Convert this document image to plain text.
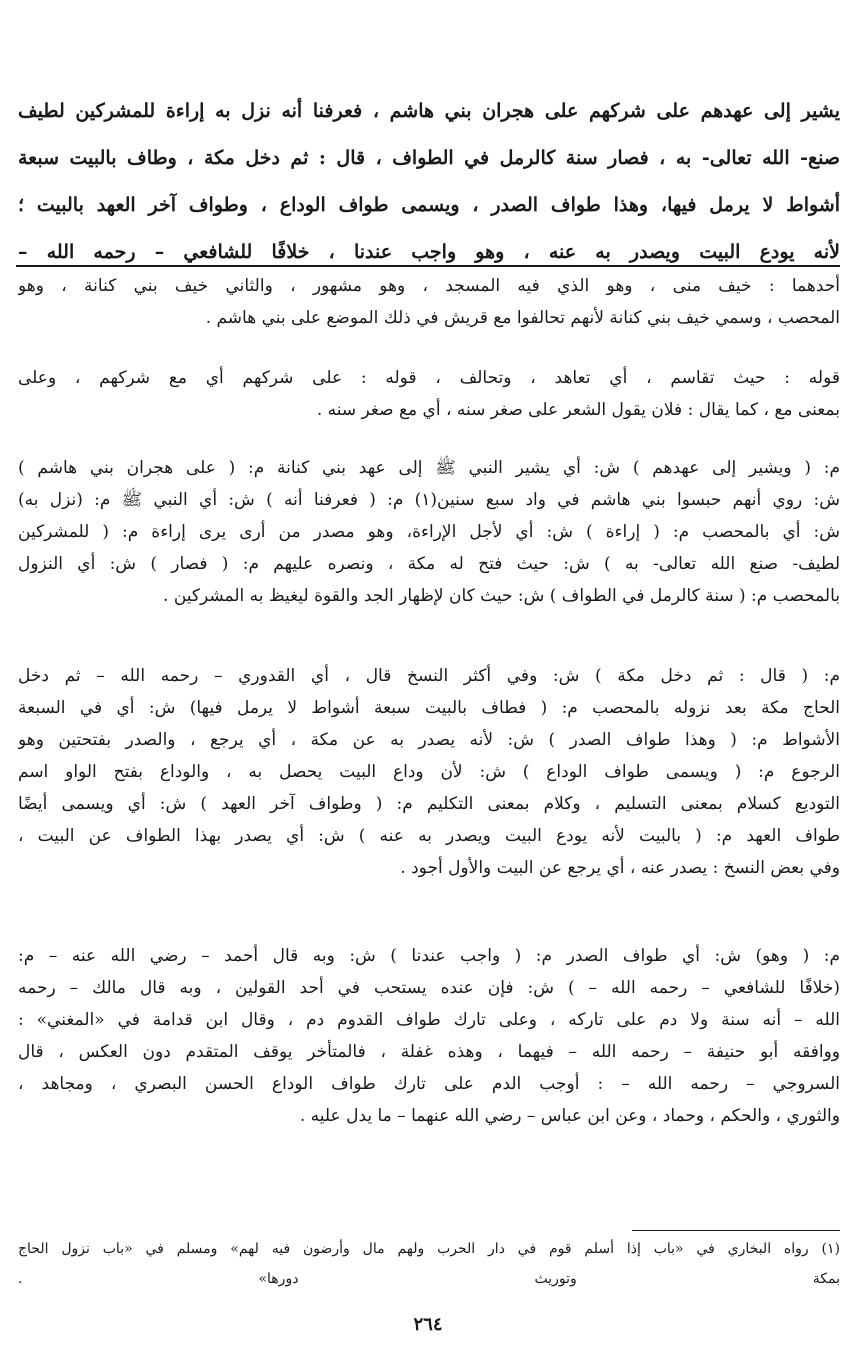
يشير إلى عهدهم على شركهم على هجران بني هاشم ، فعرفنا أنه نزل به إراءة للمشركين لطيف
صنع- الله تعالى- به ، فصار سنة كالرمل في الطواف ، قال : ثم دخل مكة ، وطاف بالبيت سبعة
أشواط لا يرمل فيها، وهذا طواف الصدر ، ويسمى طواف الوداع ، وطواف آخر العهد بالبيت ؛
لأنه يودع البيت ويصدر به عنه ، وهو واجب عندنا ، خلافًا للشافعي – رحمه الله –
أحدهما : خيف منى ، وهو الذي فيه المسجد ، وهو مشهور ، والثاني خيف بني كنانة ، وهو
المحصب ، وسمي خيف بني كنانة لأنهم تحالفوا مع قريش في ذلك الموضع على بني هاشم .
قوله : حيث تقاسم ، أي تعاهد ، وتحالف ، قوله : على شركهم أي مع شركهم ، وعلى
بمعنى مع ، كما يقال : فلان يقول الشعر على صغر سنه ، أي مع صغر سنه .
م: ( ويشير إلى عهدهم ) ش: أي يشير النبي ﷺ إلى عهد بني كنانة م: ( على هجران بني هاشم )
ش: روي أنهم حبسوا بني هاشم في واد سبع سنين(١) م: ( فعرفنا أنه ) ش: أي النبي ﷺ م: (نزل به)
ش: أي بالمحصب م: ( إراءة ) ش: أي لأجل الإراءة، وهو مصدر من أرى يرى إراءة م: ( للمشركين
لطيف- صنع الله تعالى- به ) ش: حيث فتح له مكة ، ونصره عليهم م: ( فصار ) ش: أي النزول
بالمحصب م: ( سنة كالرمل في الطواف ) ش: حيث كان لإظهار الجد والقوة ليغيظ به المشركين .
م: ( قال : ثم دخل مكة ) ش: وفي أكثر النسخ قال ، أي القدوري – رحمه الله – ثم دخل
الحاج مكة بعد نزوله بالمحصب م: ( فطاف بالبيت سبعة أشواط لا يرمل فيها) ش: أي في السبعة
الأشواط م: ( وهذا طواف الصدر ) ش: لأنه يصدر به عن مكة ، أي يرجع ، والصدر بفتحتين وهو
الرجوع م: ( ويسمى طواف الوداع ) ش: لأن وداع البيت يحصل به ، والوداع بفتح الواو اسم
التوديع كسلام بمعنى التسليم ، وكلام بمعنى التكليم م: ( وطواف آخر العهد ) ش: أي ويسمى أيضًا
طواف العهد م: ( بالبيت لأنه يودع البيت ويصدر به عنه ) ش: أي يصدر بهذا الطواف عن البيت ،
وفي بعض النسخ : يصدر عنه ، أي يرجع عن البيت والأول أجود .
م: ( وهو) ش: أي طواف الصدر م: ( واجب عندنا ) ش: وبه قال أحمد – رضي الله عنه – م:
(خلافًا للشافعي – رحمه الله – ) ش: فإن عنده يستحب في أحد القولين ، وبه قال مالك – رحمه
الله – أنه سنة ولا دم على تاركه ، وعلى تارك طواف القدوم دم ، وقال ابن قدامة في «المغني» :
ووافقه أبو حنيفة – رحمه الله – فيهما ، وهذه غفلة ، فالمتأخر يوقف المتقدم دون العكس ، قال
السروجي – رحمه الله – : أوجب الدم على تارك طواف الوداع الحسن البصري ، ومجاهد ،
والثوري ، والحكم ، وحماد ، وعن ابن عباس – رضي الله عنهما – ما يدل عليه .
(١) رواه البخاري في «باب إذا أسلم قوم في دار الحرب ولهم مال وأرضون فيه لهم» ومسلم في «باب نزول الحاج
بمكة وتوريث دورها» .
٢٦٤
